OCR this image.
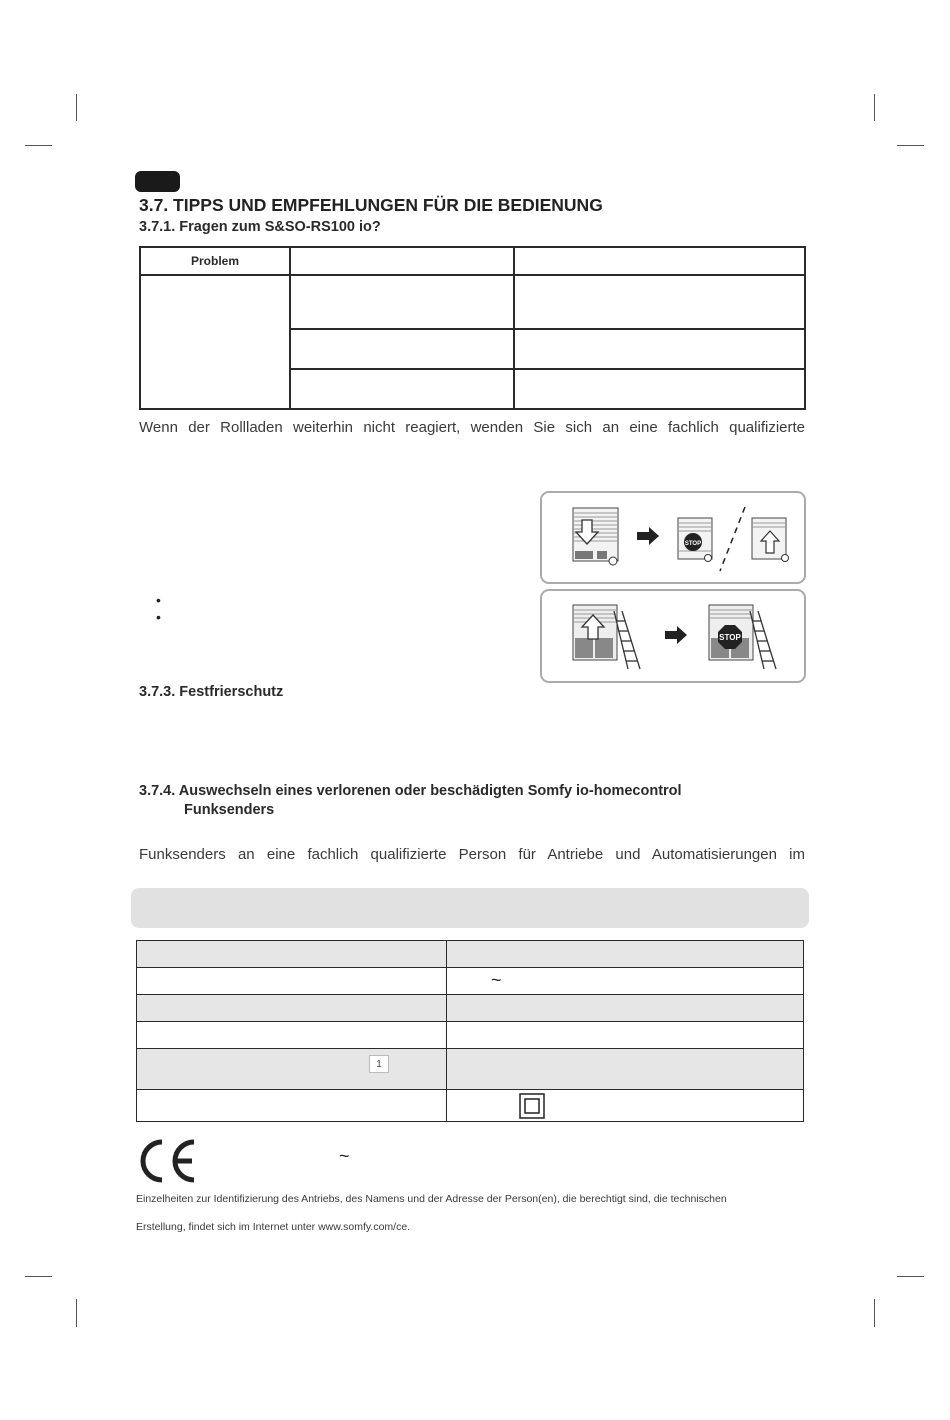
3.7. TIPPS UND EMPFEHLUNGEN FÜR DIE BEDIENUNG
3.7.1. Fragen zum S&SO-RS100 io?
Problem		

Wenn der Rollladen weiterhin nicht reagiert, wenden Sie sich an eine fachlich qualifizierte
STOP
•
•
STOP
3.7.3. Festfrierschutz
3.7.4. Auswechseln eines verlorenen oder beschädigten Somfy io-homecontrol
Funksenders
Funksenders an eine fachlich qualifizierte Person für Antriebe und Automatisierungen im

	~

1	

~
Einzelheiten zur Identifizierung des Antriebs, des Namens und der Adresse der Person(en), die berechtigt sind, die technischen
Erstellung, findet sich im Internet unter www.somfy.com/ce.
